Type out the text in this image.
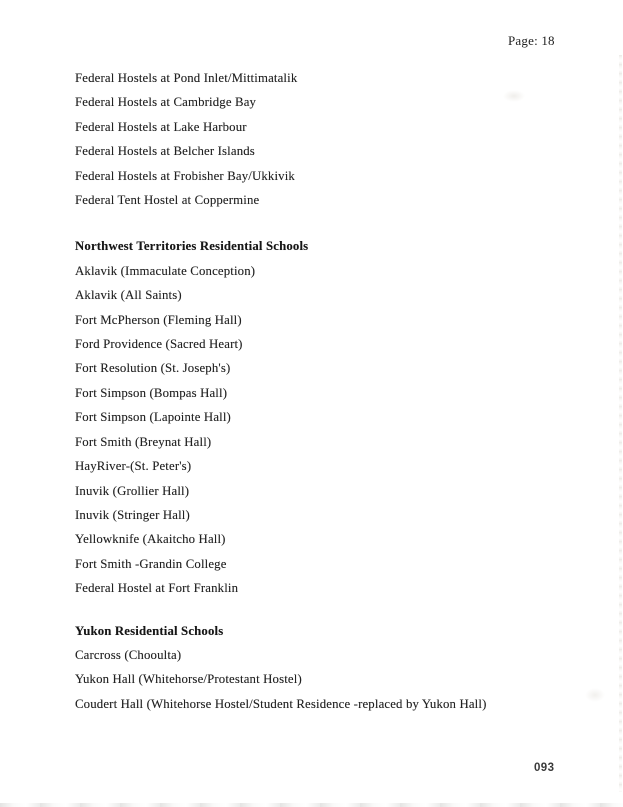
Page: 18

Federal Hostels at Pond Inlet/Mittimatalik

Federal Hostels at Cambridge Bay

Federal Hostels at Lake Harbour

Federal Hostels at Belcher Islands

Federal Hostels at Frobisher Bay/Ukkivik

Federal Tent Hostel at Coppermine

Northwest Territories Residential Schools

Aklavik (Immaculate Conception)

Aklavik (All Saints)

Fort McPherson (Fleming Hall)

Ford Providence (Sacred Heart)

Fort Resolution (St. Joseph's)

Fort Simpson (Bompas Hall)

Fort Simpson (Lapointe Hall)

Fort Smith (Breynat Hall)

HayRiver-(St. Peter's)

Inuvik (Grollier Hall)

Inuvik (Stringer Hall)

Yellowknife (Akaitcho Hall)

Fort Smith -Grandin College

Federal Hostel at Fort Franklin

Yukon Residential Schools

Carcross (Chooulta)

Yukon Hall (Whitehorse/Protestant Hostel)

Coudert Hall (Whitehorse Hostel/Student Residence -replaced by Yukon Hall)

093
